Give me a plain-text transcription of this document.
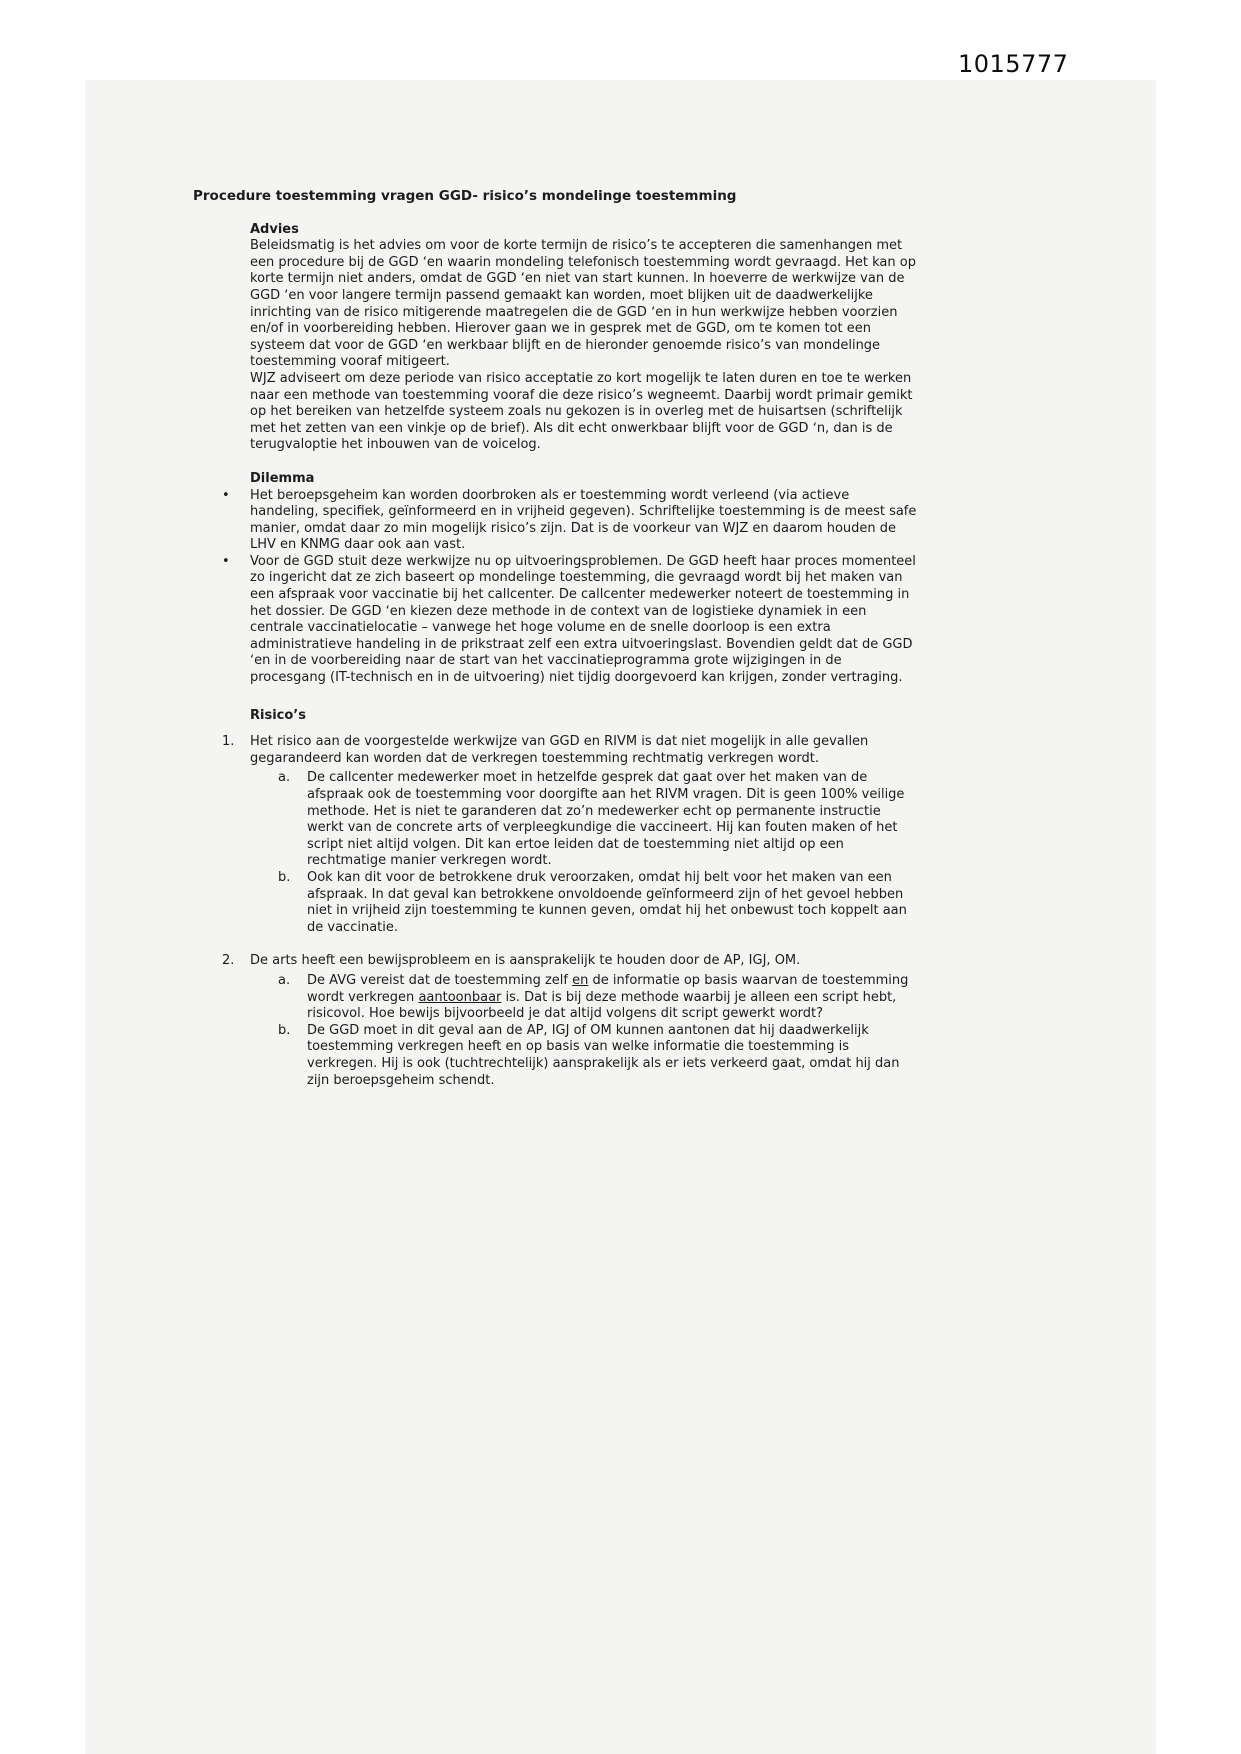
1015777
Procedure toestemming vragen GGD- risico’s mondelinge toestemming
Advies

Beleidsmatig is het advies om voor de korte termijn de risico’s te accepteren die samenhangen met een procedure bij de GGD ʻen waarin mondeling telefonisch toestemming wordt gevraagd. Het kan op korte termijn niet anders, omdat de GGD ʻen niet van start kunnen. In hoeverre de werkwijze van de GGD ʻen voor langere termijn passend gemaakt kan worden, moet blijken uit de daadwerkelijke inrichting van de risico mitigerende maatregelen die de GGD ʻen in hun werkwijze hebben voorzien en/of in voorbereiding hebben. Hierover gaan we in gesprek met de GGD, om te komen tot een systeem dat voor de GGD ʻen werkbaar blijft en de hieronder genoemde risico’s van mondelinge toestemming vooraf mitigeert.

WJZ adviseert om deze periode van risico acceptatie zo kort mogelijk te laten duren en toe te werken naar een methode van toestemming vooraf die deze risico’s wegneemt. Daarbij wordt primair gemikt op het bereiken van hetzelfde systeem zoals nu gekozen is in overleg met de huisartsen (schriftelijk met het zetten van een vinkje op de brief). Als dit echt onwerkbaar blijft voor de GGD ʻn, dan is de terugvaloptie het inbouwen van de voicelog.

Dilemma
•	Het beroepsgeheim kan worden doorbroken als er toestemming wordt verleend (via actieve handeling, specifiek, geïnformeerd en in vrijheid gegeven). Schriftelijke toestemming is de meest safe manier, omdat daar zo min mogelijk risico’s zijn. Dat is de voorkeur van WJZ en daarom houden de LHV en KNMG daar ook aan vast.
•	Voor de GGD stuit deze werkwijze nu op uitvoeringsproblemen. De GGD heeft haar proces momenteel zo ingericht dat ze zich baseert op mondelinge toestemming, die gevraagd wordt bij het maken van een afspraak voor vaccinatie bij het callcenter. De callcenter medewerker noteert de toestemming in het dossier. De GGD ʻen kiezen deze methode in de context van de logistieke dynamiek in een centrale vaccinatielocatie – vanwege het hoge volume en de snelle doorloop is een extra administratieve handeling in de prikstraat zelf een extra uitvoeringslast. Bovendien geldt dat de GGD ʻen in de voorbereiding naar de start van het vaccinatieprogramma grote wijzigingen in de procesgang (IT-technisch en in de uitvoering) niet tijdig doorgevoerd kan krijgen, zonder vertraging.
Risico’s
1.	Het risico aan de voorgestelde werkwijze van GGD en RIVM is dat niet mogelijk in alle gevallen gegarandeerd kan worden dat de verkregen toestemming rechtmatig verkregen wordt.
a.	De callcenter medewerker moet in hetzelfde gesprek dat gaat over het maken van de afspraak ook de toestemming voor doorgifte aan het RIVM vragen. Dit is geen 100% veilige methode. Het is niet te garanderen dat zo’n medewerker echt op permanente instructie werkt van de concrete arts of verpleegkundige die vaccineert. Hij kan fouten maken of het script niet altijd volgen. Dit kan ertoe leiden dat de toestemming niet altijd op een rechtmatige manier verkregen wordt.
b.	Ook kan dit voor de betrokkene druk veroorzaken, omdat hij belt voor het maken van een afspraak. In dat geval kan betrokkene onvoldoende geïnformeerd zijn of het gevoel hebben niet in vrijheid zijn toestemming te kunnen geven, omdat hij het onbewust toch koppelt aan de vaccinatie.
2.	De arts heeft een bewijsprobleem en is aansprakelijk te houden door de AP, IGJ, OM.
a.	De AVG vereist dat de toestemming zelf en de informatie op basis waarvan de toestemming wordt verkregen aantoonbaar is. Dat is bij deze methode waarbij je alleen een script hebt, risicovol. Hoe bewijs bijvoorbeeld je dat altijd volgens dit script gewerkt wordt?
b.	De GGD moet in dit geval aan de AP, IGJ of OM kunnen aantonen dat hij daadwerkelijk toestemming verkregen heeft en op basis van welke informatie die toestemming is verkregen. Hij is ook (tuchtrechtelijk) aansprakelijk als er iets verkeerd gaat, omdat hij dan zijn beroepsgeheim schendt.
